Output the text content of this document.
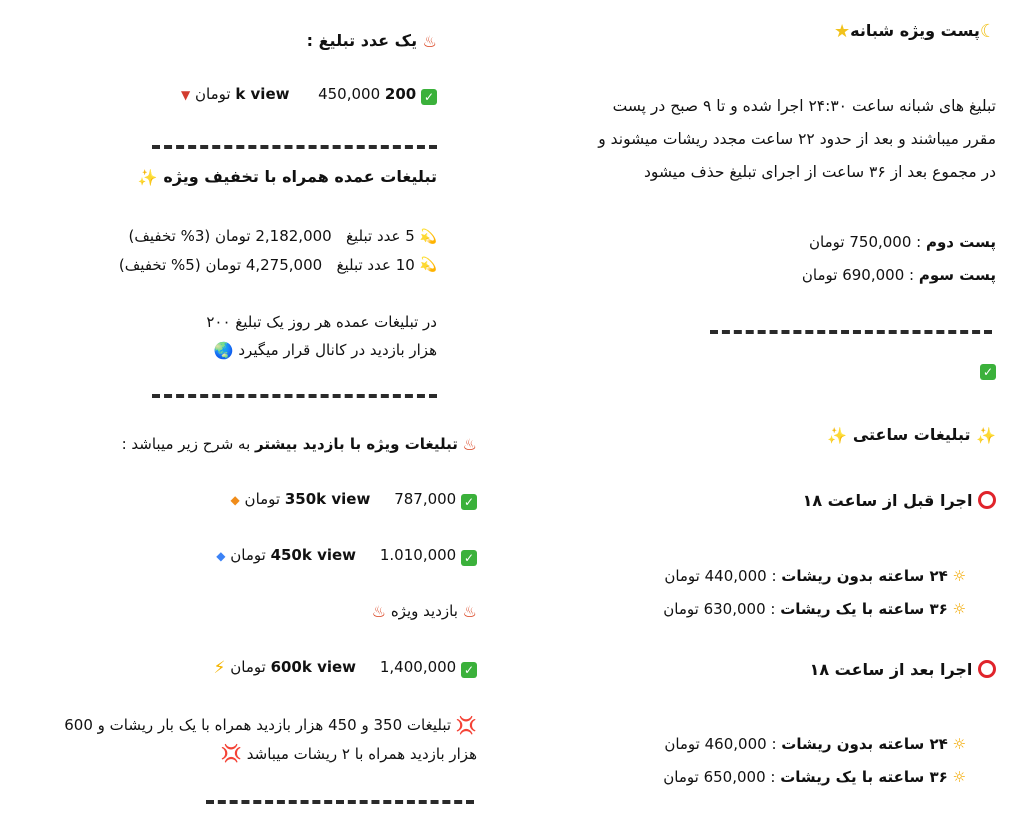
☾پست ویژه شبانه★
تبلیغ های شبانه ساعت ۲۴:۳۰ اجرا شده و تا ۹ صبح در پست
مقرر میباشند و بعد از حدود ۲۲ ساعت مجدد ریشات میشوند و
در مجموع بعد از ۳۶ ساعت از اجرای تبلیغ حذف میشود
پست دوم : 750,000 تومان
پست سوم : 690,000 تومان
✓
✨ تبلیغات ساعتی ✨
اجرا قبل از ساعت ۱۸
☼ ۲۴ ساعته بدون ریشات : 440,000 تومان
☼ ۳۶ ساعته با یک ریشات : 630,000 تومان
اجرا بعد از ساعت ۱۸
☼ ۲۴ ساعته بدون ریشات : 460,000 تومان
☼ ۳۶ ساعته با یک ریشات : 650,000 تومان
♨ یک عدد تبلیغ :
✓ 200 450,000      k view تومان ▼
تبلیغات عمده همراه با تخفیف ویژه ✨
💫 5 عدد تبلیغ   2,182,000 تومان (3% تخفیف)
💫 10 عدد تبلیغ   4,275,000 تومان (5% تخفیف)
در تبلیغات عمده هر روز یک تبلیغ ۲۰۰
هزار بازدید در کانال قرار میگیرد 🌏
♨ تبلیغات ویژه با بازدید بیشتر به شرح زیر میباشد :
✓ 787,000     350k view تومان ◆
✓ 1.010,000     450k view تومان ◆
♨ بازدید ویژه ♨
✓ 1,400,000     600k view تومان ⚡
💢 تبلیغات 350 و 450 هزار بازدید همراه با یک بار ریشات و 600
هزار بازدید همراه با ۲ ریشات میباشد 💢
